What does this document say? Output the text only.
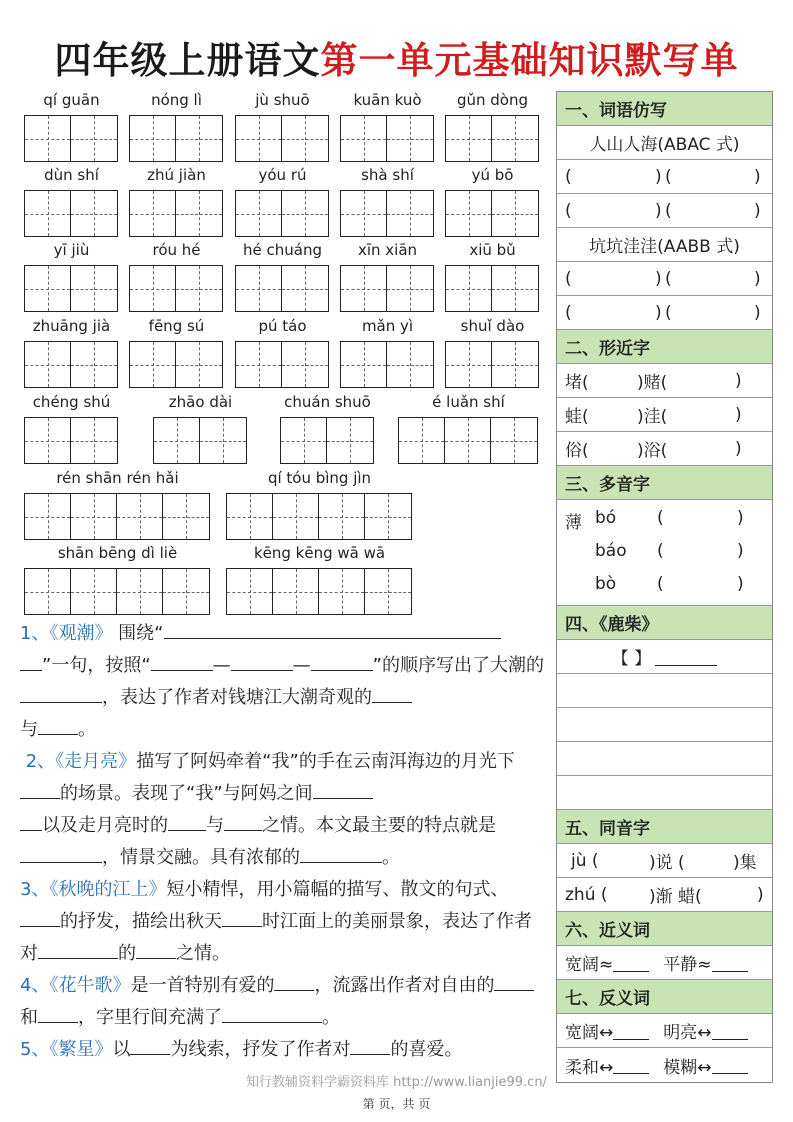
四年级上册语文第一单元基础知识默写单
qí guān	nóng lì	jù shuō	kuān kuò	gǔn dòng
dùn shí	zhú jiàn	yóu rú	shà shí	yú bō
yī jiù	róu hé	hé chuáng	xīn xiān	xiū bǔ
zhuāng jià	fēng sú	pú táo	mǎn yì	shuǐ dào
chéng shú	zhāo dài	chuán shuō	é luǎn shí
rén shān rén hǎi	qí tóu bìng jìn
shān bēng dì liè	kēng kēng wā wā
1、《观潮》 围绕“
”一句，按照“	—	—	”的顺序写出了大潮的，表达了作者对钱塘江大潮奇观的
与 。
2、《走月亮》描写了阿妈牵着“我”的手在云南洱海边的月光下的场景。表现了“我”与阿妈之间
以及走月亮时的 与 之情。本文最主要的特点就是，情景交融。具有浓郁的	。
3、《秋晚的江上》短小精悍，用小篇幅的描写、散文的句式、的抒发，描绘出秋天 时江面上的美丽景象，表达了作者对	的 之情。
4、《花牛歌》是一首特别有爱的 ，流露出作者对自由的和 ，字里行间充满了	。
5、《繁星》以 为线索，抒发了作者对 的喜爱。
一、词语仿写
人山人海(ABAC 式)
(	) (	)
(	) (	)
坑坑洼洼(AABB 式)
(	) (	)
(	) (	)
二、形近字
堵(	)赌(	)
蛙(	)洼(	)
俗(	)浴(	)
三、多音字
薄 bó (	)
báo (	)
bò (	)
四、《鹿柴》
【 】
五、同音字
jù (	)说 (	)集
zhú ( )渐 蜡(	)
六、近义词
宽阔≈	平静≈
七、反义词
宽阔↔	明亮↔
柔和↔	模糊↔
知行教辅资料学霸资料库 http://www.lianjie99.cn/
第 页，共 页
